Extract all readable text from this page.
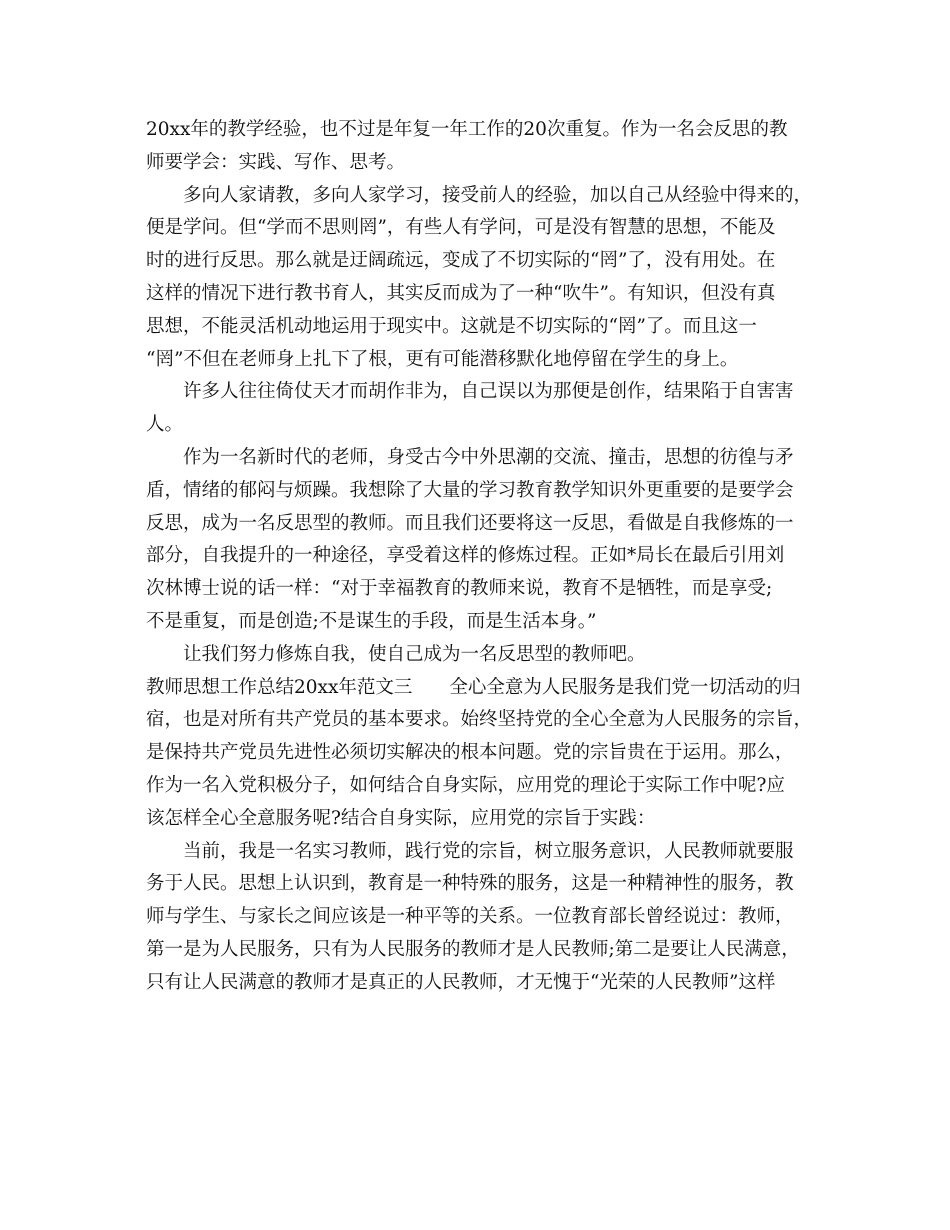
20xx年的教学经验，也不过是年复一年工作的20次重复。作为一名会反思的教
师要学会：实践、写作、思考。
多向人家请教，多向人家学习，接受前人的经验，加以自己从经验中得来的，
便是学问。但“学而不思则罔”，有些人有学问，可是没有智慧的思想，不能及
时的进行反思。那么就是迂阔疏远，变成了不切实际的“罔”了，没有用处。在
这样的情况下进行教书育人，其实反而成为了一种“吹牛”。有知识，但没有真
思想，不能灵活机动地运用于现实中。这就是不切实际的“罔”了。而且这一
“罔”不但在老师身上扎下了根，更有可能潜移默化地停留在学生的身上。
许多人往往倚仗天才而胡作非为，自己误以为那便是创作，结果陷于自害害
人。
作为一名新时代的老师，身受古今中外思潮的交流、撞击，思想的彷徨与矛
盾，情绪的郁闷与烦躁。我想除了大量的学习教育教学知识外更重要的是要学会
反思，成为一名反思型的教师。而且我们还要将这一反思，看做是自我修炼的一
部分，自我提升的一种途径，享受着这样的修炼过程。正如*局长在最后引用刘
次林博士说的话一样：“对于幸福教育的教师来说，教育不是牺牲，而是享受;
不是重复，而是创造;不是谋生的手段，而是生活本身。”
让我们努力修炼自我，使自己成为一名反思型的教师吧。
教师思想工作总结20xx年范文三　　全心全意为人民服务是我们党一切活动的归
宿，也是对所有共产党员的基本要求。始终坚持党的全心全意为人民服务的宗旨，
是保持共产党员先进性必须切实解决的根本问题。党的宗旨贵在于运用。那么，
作为一名入党积极分子，如何结合自身实际，应用党的理论于实际工作中呢?应
该怎样全心全意服务呢?结合自身实际，应用党的宗旨于实践：
当前，我是一名实习教师，践行党的宗旨，树立服务意识，人民教师就要服
务于人民。思想上认识到，教育是一种特殊的服务，这是一种精神性的服务，教
师与学生、与家长之间应该是一种平等的关系。一位教育部长曾经说过：教师，
第一是为人民服务，只有为人民服务的教师才是人民教师;第二是要让人民满意，
只有让人民满意的教师才是真正的人民教师，才无愧于“光荣的人民教师”这样
